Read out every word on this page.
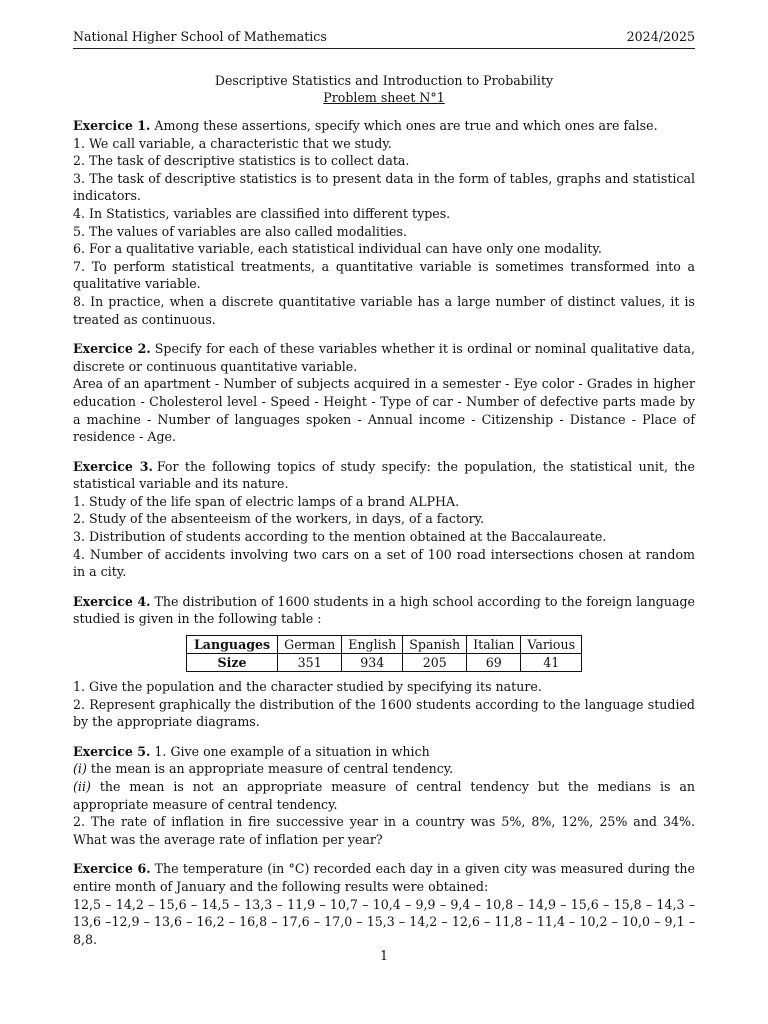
National Higher School of Mathematics	2024/2025
Descriptive Statistics and Introduction to Probability
Problem sheet N°1

Exercice 1. Among these assertions, specify which ones are true and which ones are false.

1. We call variable, a characteristic that we study.

2. The task of descriptive statistics is to collect data.

3. The task of descriptive statistics is to present data in the form of tables, graphs and statistical indicators.

4. In Statistics, variables are classified into different types.

5. The values of variables are also called modalities.

6. For a qualitative variable, each statistical individual can have only one modality.

7. To perform statistical treatments, a quantitative variable is sometimes transformed into a qualitative variable.

8. In practice, when a discrete quantitative variable has a large number of distinct values, it is treated as continuous.

Exercice 2. Specify for each of these variables whether it is ordinal or nominal qualitative data, discrete or continuous quantitative variable.

Area of an apartment - Number of subjects acquired in a semester - Eye color - Grades in higher education - Cholesterol level - Speed - Height - Type of car - Number of defective parts made by a machine - Number of languages spoken - Annual income - Citizenship - Distance - Place of residence - Age.

Exercice 3. For the following topics of study specify: the population, the statistical unit, the statistical variable and its nature.

1. Study of the life span of electric lamps of a brand ALPHA.

2. Study of the absenteeism of the workers, in days, of a factory.

3. Distribution of students according to the mention obtained at the Baccalaureate.

4. Number of accidents involving two cars on a set of 100 road intersections chosen at random in a city.

Exercice 4. The distribution of 1600 students in a high school according to the foreign language studied is given in the following table :

Languages	German	English	Spanish	Italian	Various
Size	351	934	205	69	41

1. Give the population and the character studied by specifying its nature.

2. Represent graphically the distribution of the 1600 students according to the language studied by the appropriate diagrams.

Exercice 5. 1. Give one example of a situation in which

(i) the mean is an appropriate measure of central tendency.

(ii) the mean is not an appropriate measure of central tendency but the medians is an appropriate measure of central tendency.

2. The rate of inflation in fire successive year in a country was 5%, 8%, 12%, 25% and 34%. What was the average rate of inflation per year?

Exercice 6. The temperature (in °C) recorded each day in a given city was measured during the entire month of January and the following results were obtained:

12,5 – 14,2 – 15,6 – 14,5 – 13,3 – 11,9 – 10,7 – 10,4 – 9,9 – 9,4 – 10,8 – 14,9 – 15,6 – 15,8 – 14,3 – 13,6 –12,9 – 13,6 – 16,2 – 16,8 – 17,6 – 17,0 – 15,3 – 14,2 – 12,6 – 11,8 – 11,4 – 10,2 – 10,0 – 9,1 – 8,8.

1
